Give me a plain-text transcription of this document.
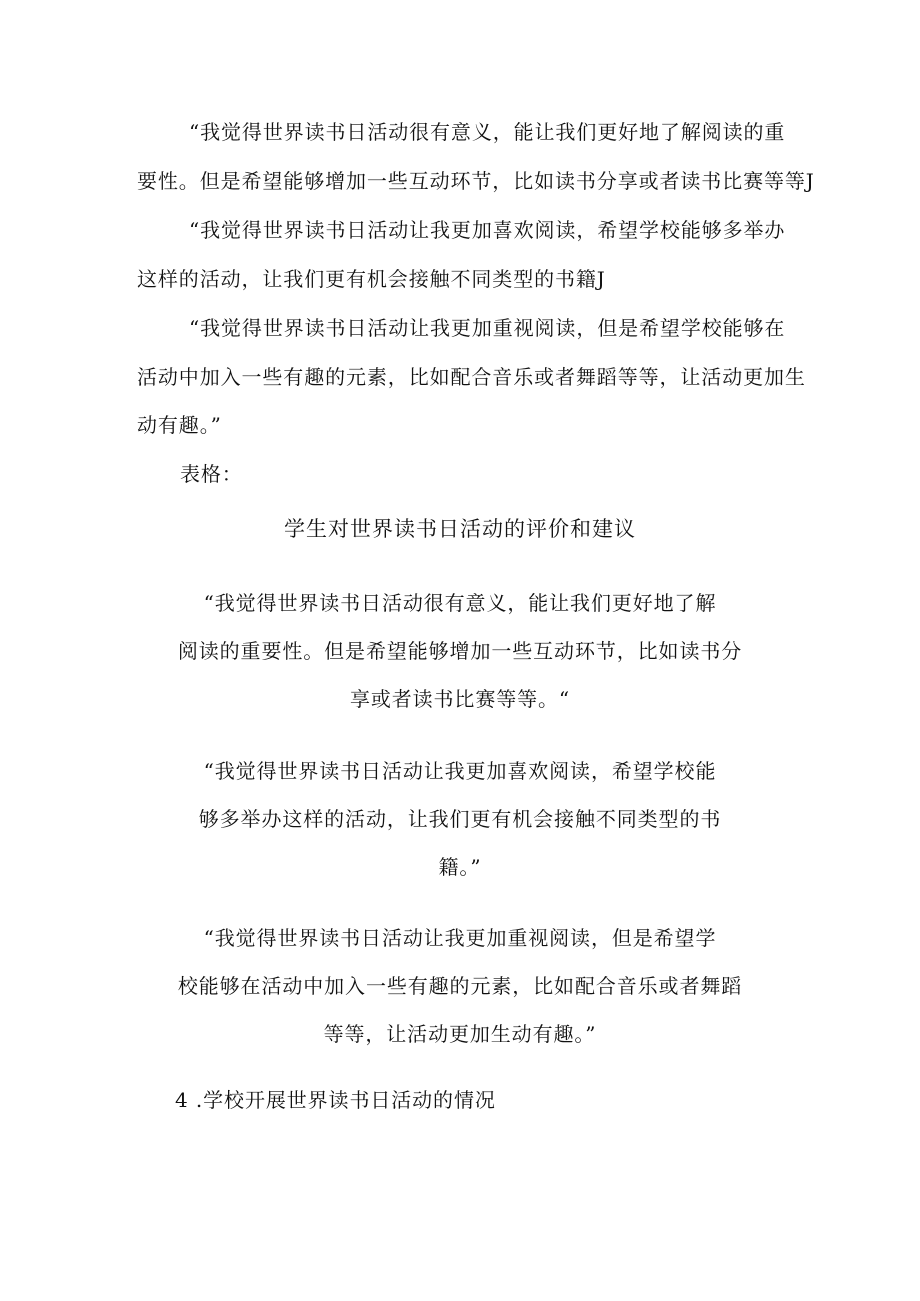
“我觉得世界读书日活动很有意义，能让我们更好地了解阅读的重
要性。但是希望能够增加一些互动环节，比如读书分享或者读书比赛等等J
“我觉得世界读书日活动让我更加喜欢阅读，希望学校能够多举办
这样的活动，让我们更有机会接触不同类型的书籍J
“我觉得世界读书日活动让我更加重视阅读，但是希望学校能够在
活动中加入一些有趣的元素，比如配合音乐或者舞蹈等等，让活动更加生
动有趣。”
表格：
学生对世界读书日活动的评价和建议
“我觉得世界读书日活动很有意义，能让我们更好地了解
阅读的重要性。但是希望能够增加一些互动环节，比如读书分
享或者读书比赛等等。“
“我觉得世界读书日活动让我更加喜欢阅读，希望学校能
够多举办这样的活动，让我们更有机会接触不同类型的书
籍。”
“我觉得世界读书日活动让我更加重视阅读，但是希望学
校能够在活动中加入一些有趣的元素，比如配合音乐或者舞蹈
等等，让活动更加生动有趣。”
4 .学校开展世界读书日活动的情况
